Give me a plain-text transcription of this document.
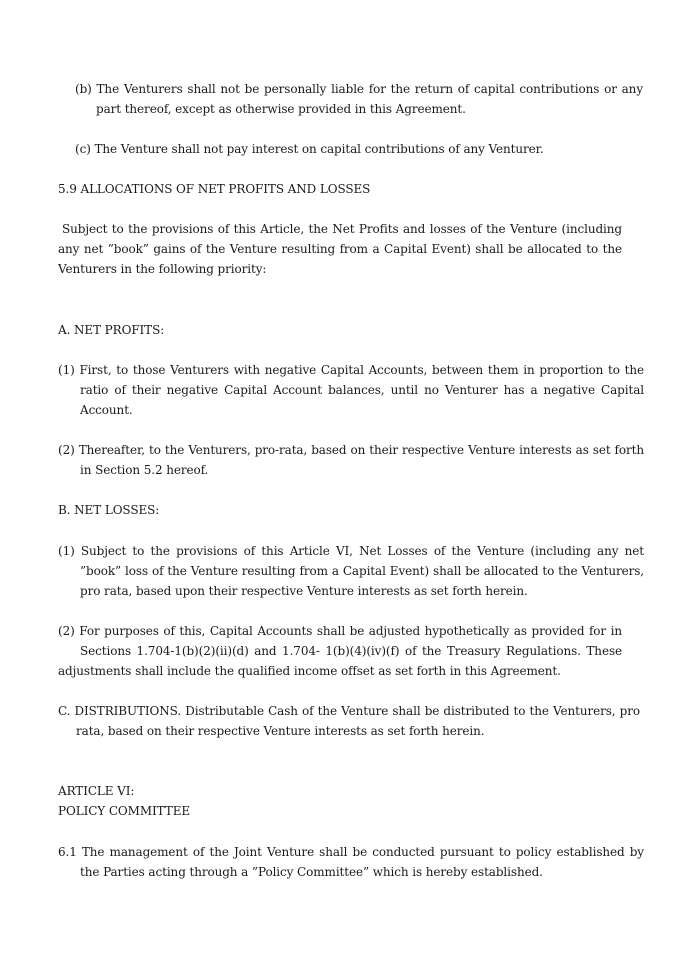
(b) The Venturers shall not be personally liable for the return of capital contributions or any part thereof, except as otherwise provided in this Agreement.

(c) The Venture shall not pay interest on capital contributions of any Venturer.

5.9 ALLOCATIONS OF NET PROFITS AND LOSSES

Subject to the provisions of this Article, the Net Profits and losses of the Venture (including any net ”book” gains of the Venture resulting from a Capital Event) shall be allocated to the Venturers in the following priority:

A. NET PROFITS:

(1) First, to those Venturers with negative Capital Accounts, between them in proportion to the ratio of their negative Capital Account balances, until no Venturer has a negative Capital Account.

(2) Thereafter, to the Venturers, pro-rata, based on their respective Venture interests as set forth in Section 5.2 hereof.

B. NET LOSSES:

(1) Subject to the provisions of this Article VI, Net Losses of the Venture (including any net ”book” loss of the Venture resulting from a Capital Event) shall be allocated to the Venturers, pro rata, based upon their respective Venture interests as set forth herein.

(2) For purposes of this, Capital Accounts shall be adjusted hypothetically as provided for in
Sections 1.704-1(b)(2)(ii)(d) and 1.704- 1(b)(4)(iv)(f) of the Treasury Regulations. These
adjustments shall include the qualified income offset as set forth in this Agreement.

C. DISTRIBUTIONS. Distributable Cash of the Venture shall be distributed to the Venturers, pro rata, based on their respective Venture interests as set forth herein.

ARTICLE VI:

POLICY COMMITTEE

6.1 The management of the Joint Venture shall be conducted pursuant to policy established by the Parties acting through a ”Policy Committee” which is hereby established.
